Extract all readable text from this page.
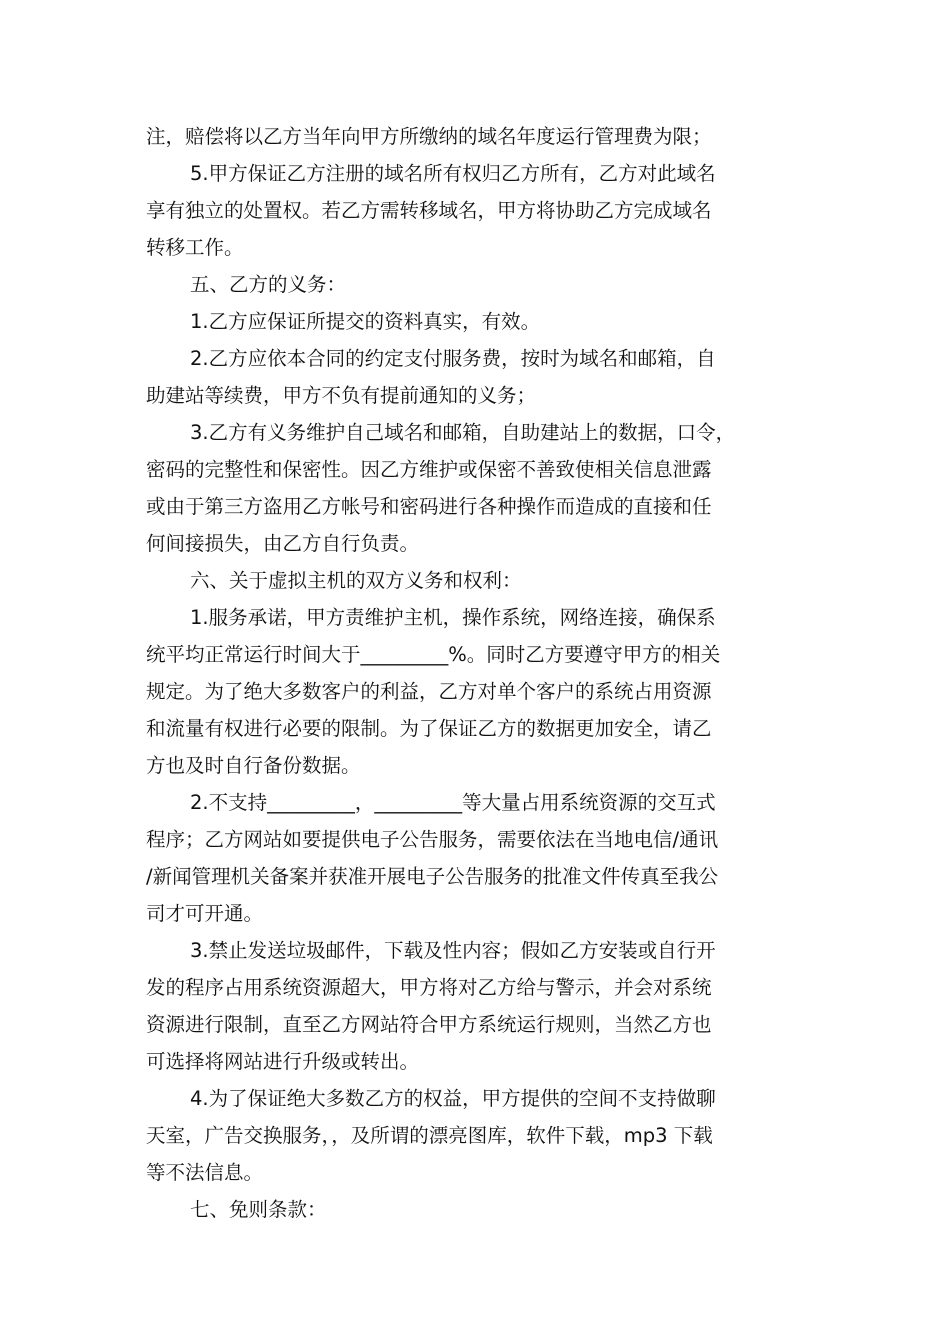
注，赔偿将以乙方当年向甲方所缴纳的域名年度运行管理费为限；
5.甲方保证乙方注册的域名所有权归乙方所有，乙方对此域名
享有独立的处置权。若乙方需转移域名，甲方将协助乙方完成域名
转移工作。
五、乙方的义务：
1.乙方应保证所提交的资料真实，有效。
2.乙方应依本合同的约定支付服务费，按时为域名和邮箱，自
助建站等续费，甲方不负有提前通知的义务；
3.乙方有义务维护自己域名和邮箱，自助建站上的数据，口令，
密码的完整性和保密性。因乙方维护或保密不善致使相关信息泄露
或由于第三方盗用乙方帐号和密码进行各种操作而造成的直接和任
何间接损失，由乙方自行负责。
六、关于虚拟主机的双方义务和权利：
1.服务承诺，甲方责维护主机，操作系统，网络连接，确保系
统平均正常运行时间大于_________%。同时乙方要遵守甲方的相关
规定。为了绝大多数客户的利益，乙方对单个客户的系统占用资源
和流量有权进行必要的限制。为了保证乙方的数据更加安全，请乙
方也及时自行备份数据。
2.不支持_________，_________等大量占用系统资源的交互式
程序；乙方网站如要提供电子公告服务，需要依法在当地电信/通讯
/新闻管理机关备案并获准开展电子公告服务的批准文件传真至我公
司才可开通。
3.禁止发送垃圾邮件，下载及性内容；假如乙方安装或自行开
发的程序占用系统资源超大，甲方将对乙方给与警示，并会对系统
资源进行限制，直至乙方网站符合甲方系统运行规则，当然乙方也
可选择将网站进行升级或转出。
4.为了保证绝大多数乙方的权益，甲方提供的空间不支持做聊
天室，广告交换服务，，及所谓的漂亮图库，软件下载，mp3 下载
等不法信息。
七、免则条款：
